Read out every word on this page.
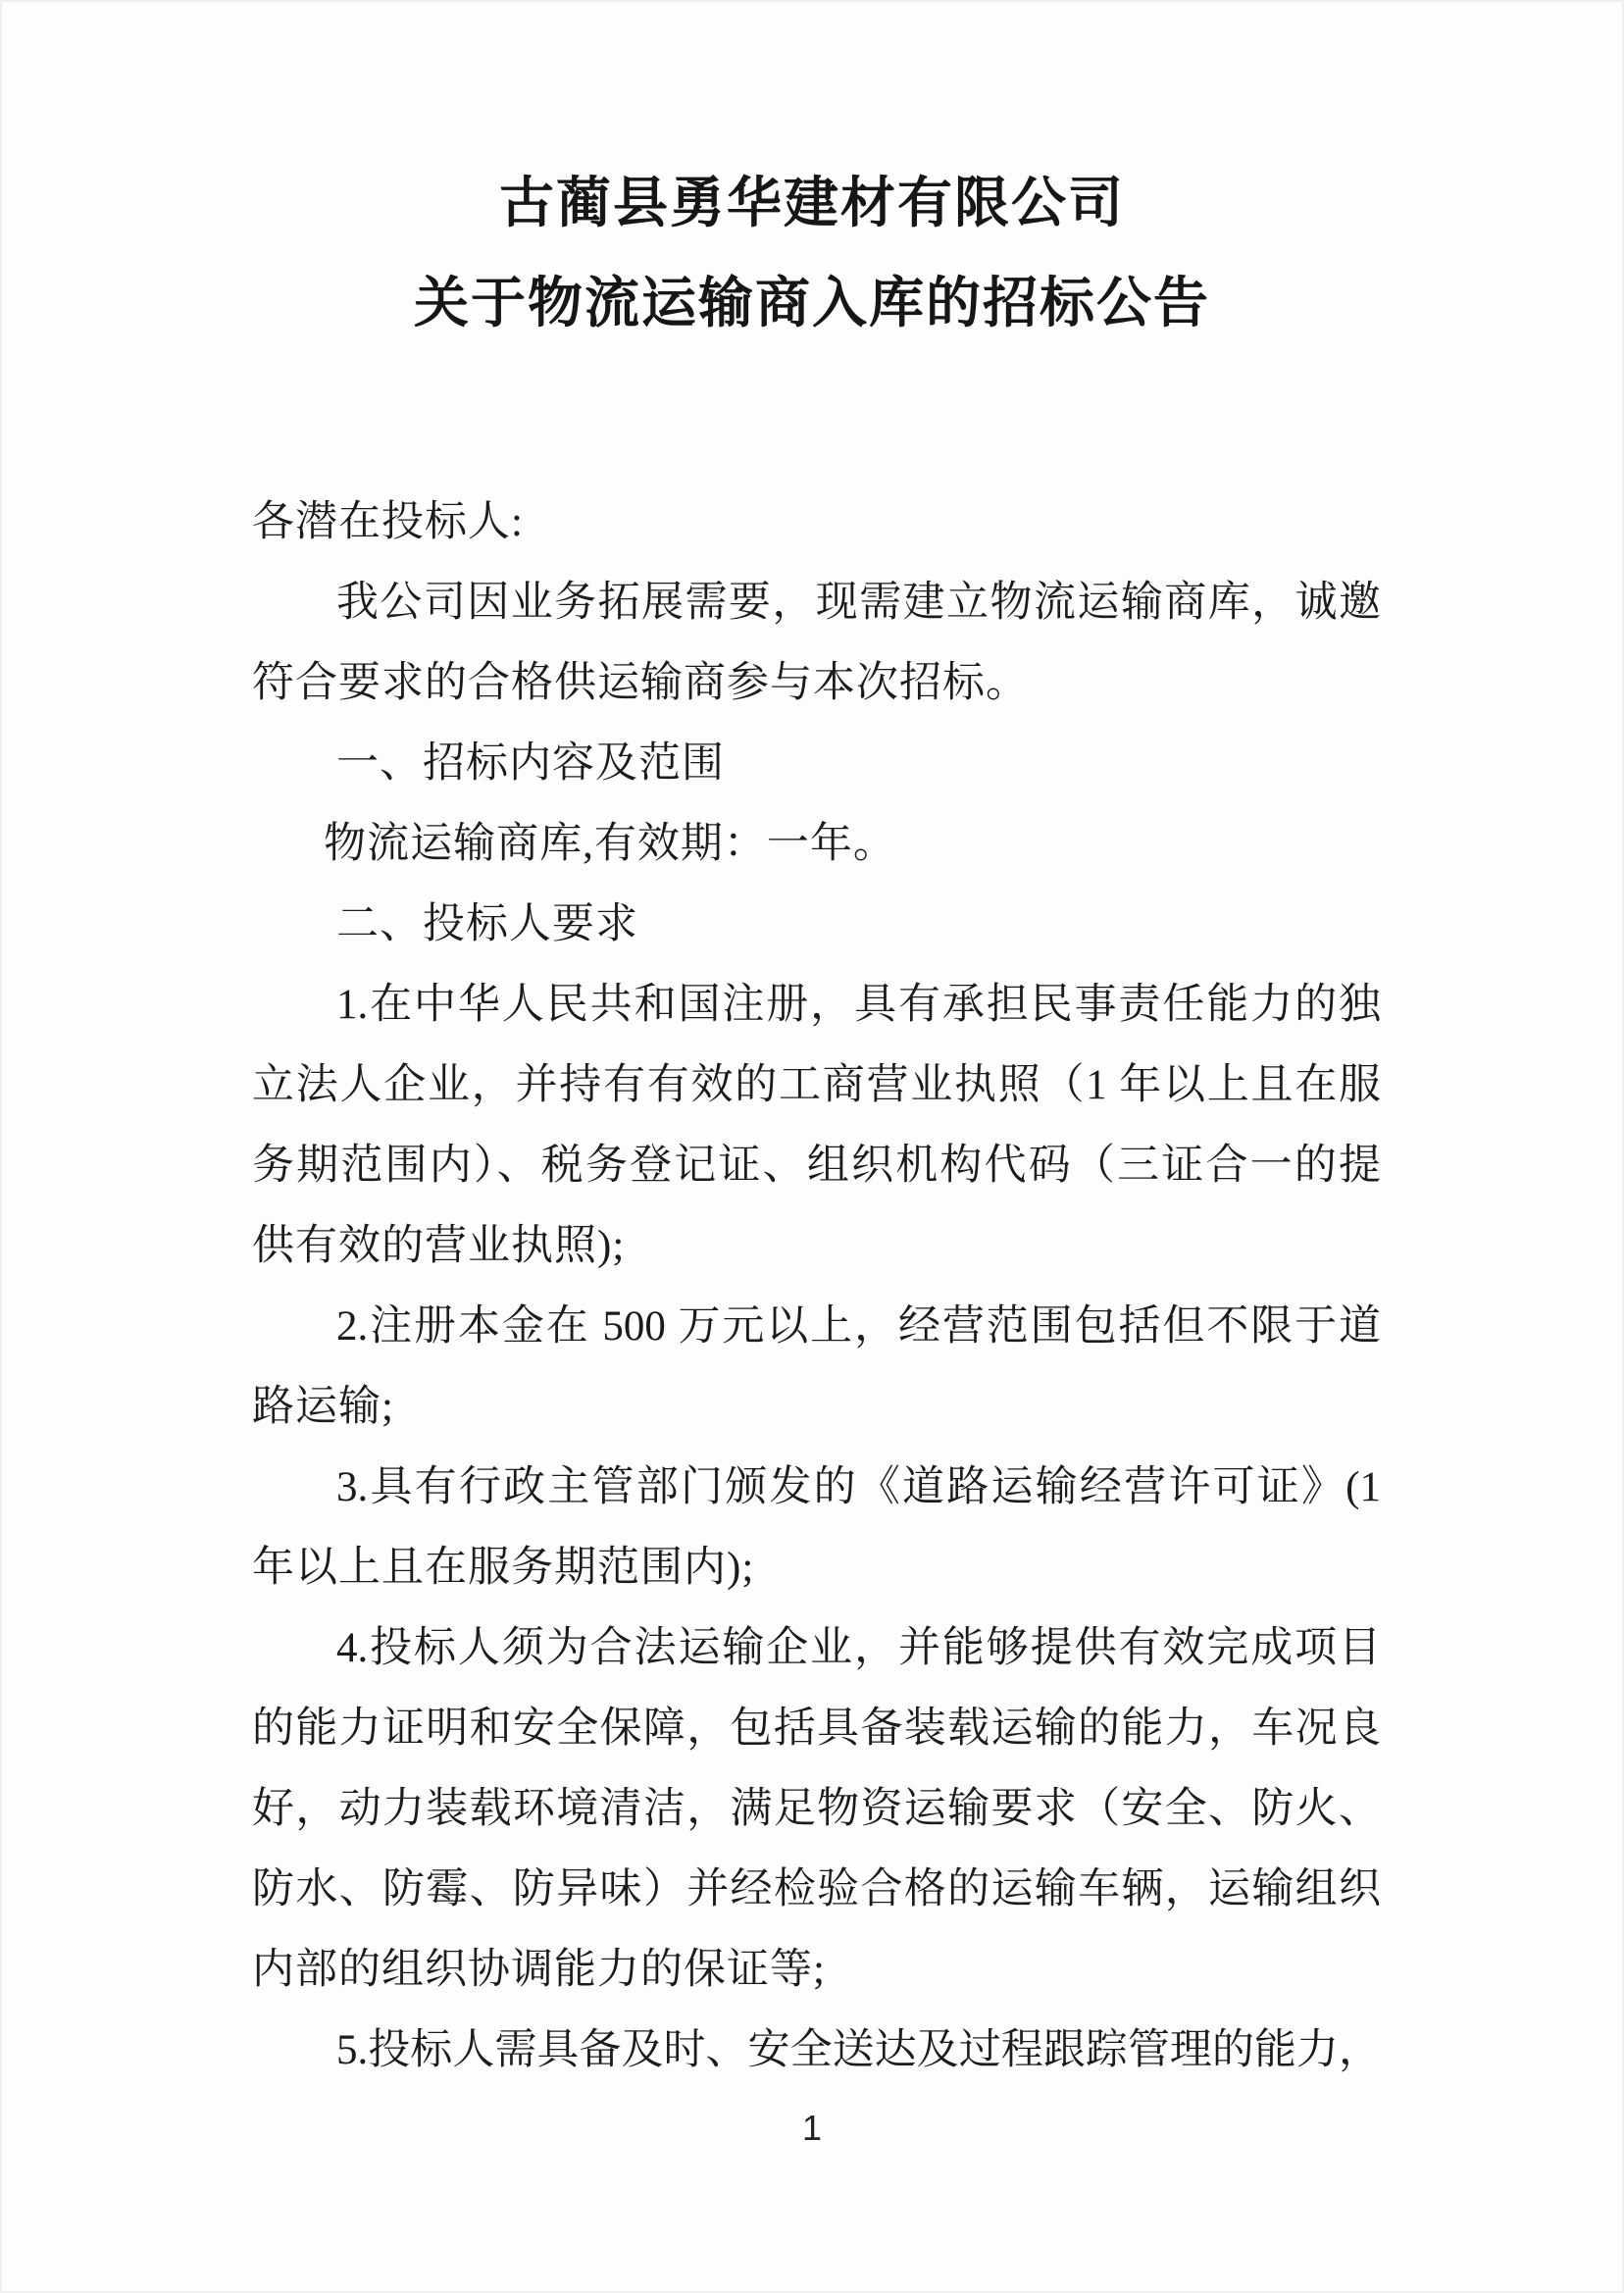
古蔺县勇华建材有限公司
关于物流运输商入库的招标公告
各潜在投标人:
我公司因业务拓展需要，现需建立物流运输商库，诚邀
符合要求的合格供运输商参与本次招标。
一、招标内容及范围
物流运输商库,有效期：一年。
二、投标人要求
1.在中华人民共和国注册，具有承担民事责任能力的独
立法人企业，并持有有效的工商营业执照（1 年以上且在服
务期范围内）、税务登记证、组织机构代码（三证合一的提
供有效的营业执照);
2.注册本金在 500 万元以上，经营范围包括但不限于道
路运输;
3.具有行政主管部门颁发的《道路运输经营许可证》(1
年以上且在服务期范围内);
4.投标人须为合法运输企业，并能够提供有效完成项目
的能力证明和安全保障，包括具备装载运输的能力，车况良
好，动力装载环境清洁，满足物资运输要求（安全、防火、
防水、防霉、防异味）并经检验合格的运输车辆，运输组织
内部的组织协调能力的保证等;
5.投标人需具备及时、安全送达及过程跟踪管理的能力，
1
